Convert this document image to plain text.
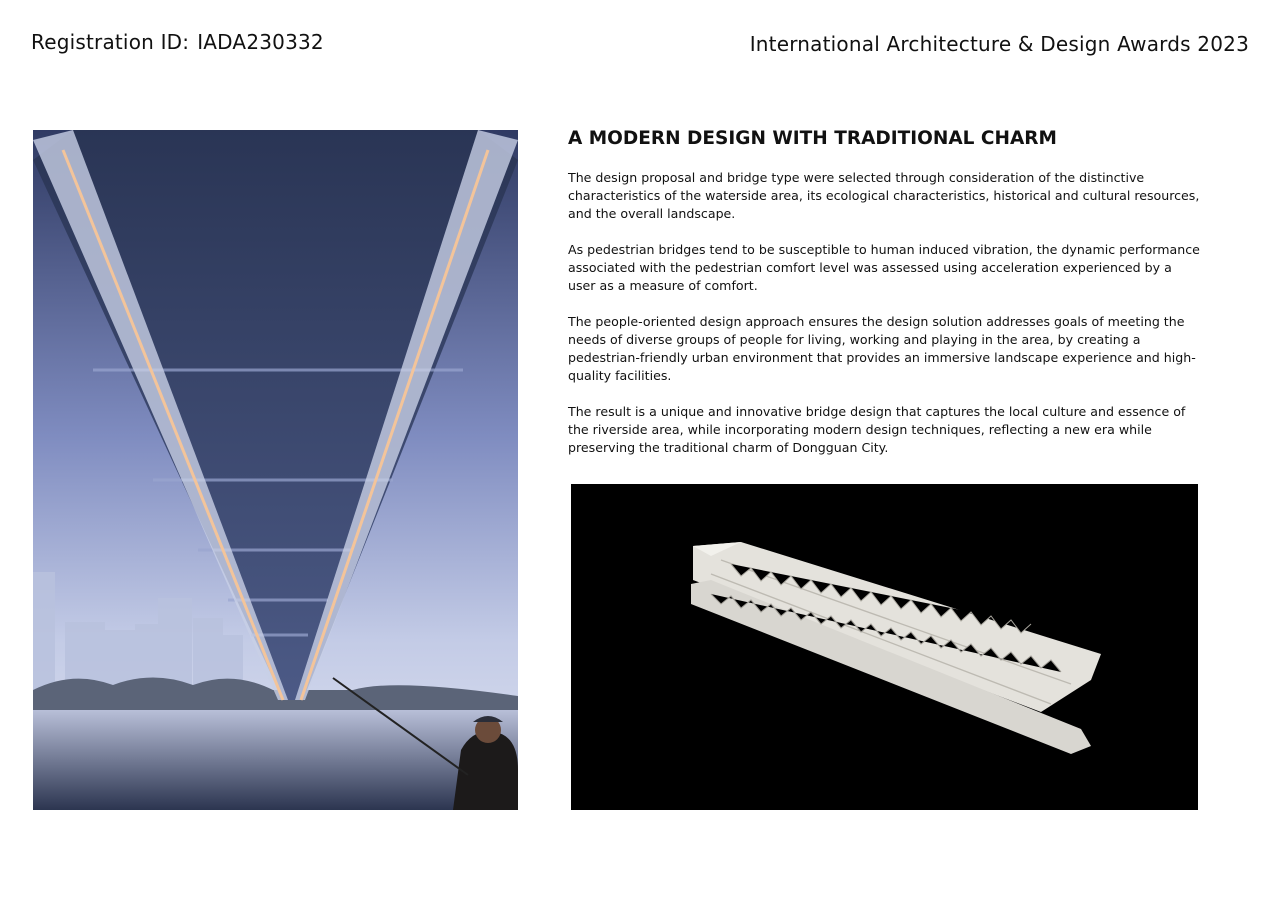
Registration ID: IADA230332	International Architecture & Design Awards 2023
A MODERN DESIGN WITH TRADITIONAL CHARM

The design proposal and bridge type were selected through consideration of the distinctive characteristics of the waterside area, its ecological characteristics, historical and cultural resources, and the overall landscape.

As pedestrian bridges tend to be susceptible to human induced vibration, the dynamic performance associated with the pedestrian comfort level was assessed using acceleration experienced by a user as a measure of comfort.

The people-oriented design approach ensures the design solution addresses goals of meeting the needs of diverse groups of people for living, working and playing in the area, by creating a pedestrian-friendly urban environment that provides an immersive landscape experience and high-quality facilities.

The result is a unique and innovative bridge design that captures the local culture and essence of the riverside area, while incorporating modern design techniques, reflecting a new era while preserving the traditional charm of Dongguan City.
